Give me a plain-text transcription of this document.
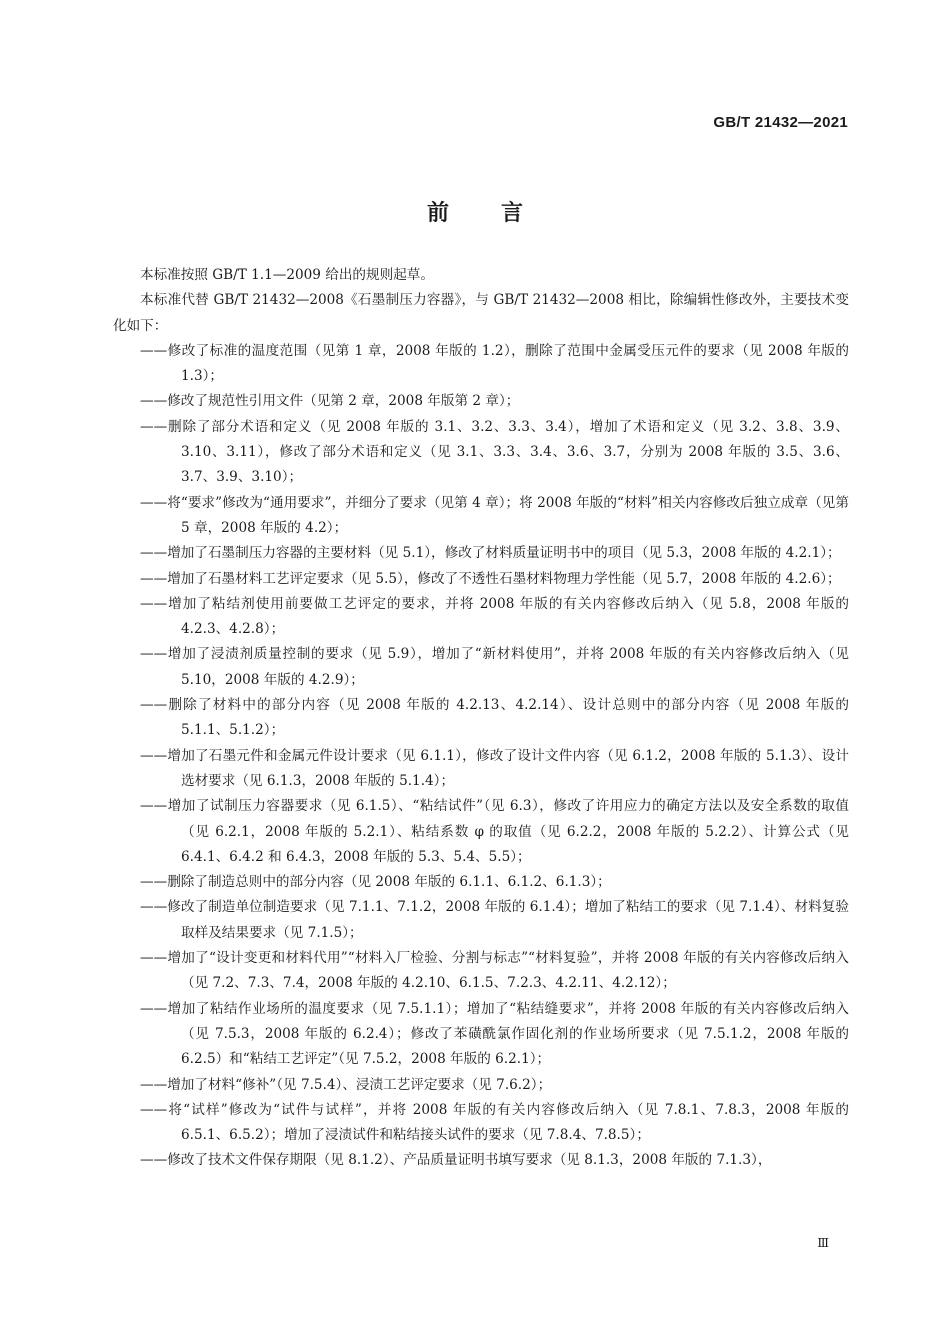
GB/T 21432—2021
前言

本标准按照 GB/T 1.1—2009 给出的规则起草。

本标准代替 GB/T 21432—2008《石墨制压力容器》，与 GB/T 21432—2008 相比，除编辑性修改外，主要技术变化如下：

——修改了标准的温度范围（见第 1 章，2008 年版的 1.2），删除了范围中金属受压元件的要求（见 2008 年版的 1.3）；

——修改了规范性引用文件（见第 2 章，2008 年版第 2 章）；

——删除了部分术语和定义（见 2008 年版的 3.1、3.2、3.3、3.4），增加了术语和定义（见 3.2、3.8、3.9、3.10、3.11），修改了部分术语和定义（见 3.1、3.3、3.4、3.6、3.7，分别为 2008 年版的 3.5、3.6、3.7、3.9、3.10）；

——将“要求”修改为“通用要求”，并细分了要求（见第 4 章）；将 2008 年版的“材料”相关内容修改后独立成章（见第 5 章，2008 年版的 4.2）；

——增加了石墨制压力容器的主要材料（见 5.1），修改了材料质量证明书中的项目（见 5.3，2008 年版的 4.2.1）；

——增加了石墨材料工艺评定要求（见 5.5），修改了不透性石墨材料物理力学性能（见 5.7，2008 年版的 4.2.6）；

——增加了粘结剂使用前要做工艺评定的要求，并将 2008 年版的有关内容修改后纳入（见 5.8，2008 年版的 4.2.3、4.2.8）；

——增加了浸渍剂质量控制的要求（见 5.9），增加了“新材料使用”，并将 2008 年版的有关内容修改后纳入（见 5.10，2008 年版的 4.2.9）；

——删除了材料中的部分内容（见 2008 年版的 4.2.13、4.2.14）、设计总则中的部分内容（见 2008 年版的 5.1.1、5.1.2）；

——增加了石墨元件和金属元件设计要求（见 6.1.1），修改了设计文件内容（见 6.1.2，2008 年版的 5.1.3）、设计选材要求（见 6.1.3，2008 年版的 5.1.4）；

——增加了试制压力容器要求（见 6.1.5）、“粘结试件”（见 6.3），修改了许用应力的确定方法以及安全系数的取值（见 6.2.1，2008 年版的 5.2.1）、粘结系数 φ 的取值（见 6.2.2，2008 年版的 5.2.2）、计算公式（见 6.4.1、6.4.2 和 6.4.3，2008 年版的 5.3、5.4、5.5）；

——删除了制造总则中的部分内容（见 2008 年版的 6.1.1、6.1.2、6.1.3）；

——修改了制造单位制造要求（见 7.1.1、7.1.2，2008 年版的 6.1.4）；增加了粘结工的要求（见 7.1.4）、材料复验取样及结果要求（见 7.1.5）；

——增加了“设计变更和材料代用”“材料入厂检验、分割与标志”“材料复验”，并将 2008 年版的有关内容修改后纳入（见 7.2、7.3、7.4，2008 年版的 4.2.10、6.1.5、7.2.3、4.2.11、4.2.12）；

——增加了粘结作业场所的温度要求（见 7.5.1.1）；增加了“粘结缝要求”，并将 2008 年版的有关内容修改后纳入（见 7.5.3，2008 年版的 6.2.4）；修改了苯磺酰氯作固化剂的作业场所要求（见 7.5.1.2，2008 年版的 6.2.5）和“粘结工艺评定”（见 7.5.2，2008 年版的 6.2.1）；

——增加了材料“修补”（见 7.5.4）、浸渍工艺评定要求（见 7.6.2）；

——将“试样”修改为“试件与试样”，并将 2008 年版的有关内容修改后纳入（见 7.8.1、7.8.3，2008 年版的 6.5.1、6.5.2）；增加了浸渍试件和粘结接头试件的要求（见 7.8.4、7.8.5）；

——修改了技术文件保存期限（见 8.1.2）、产品质量证明书填写要求（见 8.1.3，2008 年版的 7.1.3），

Ⅲ
